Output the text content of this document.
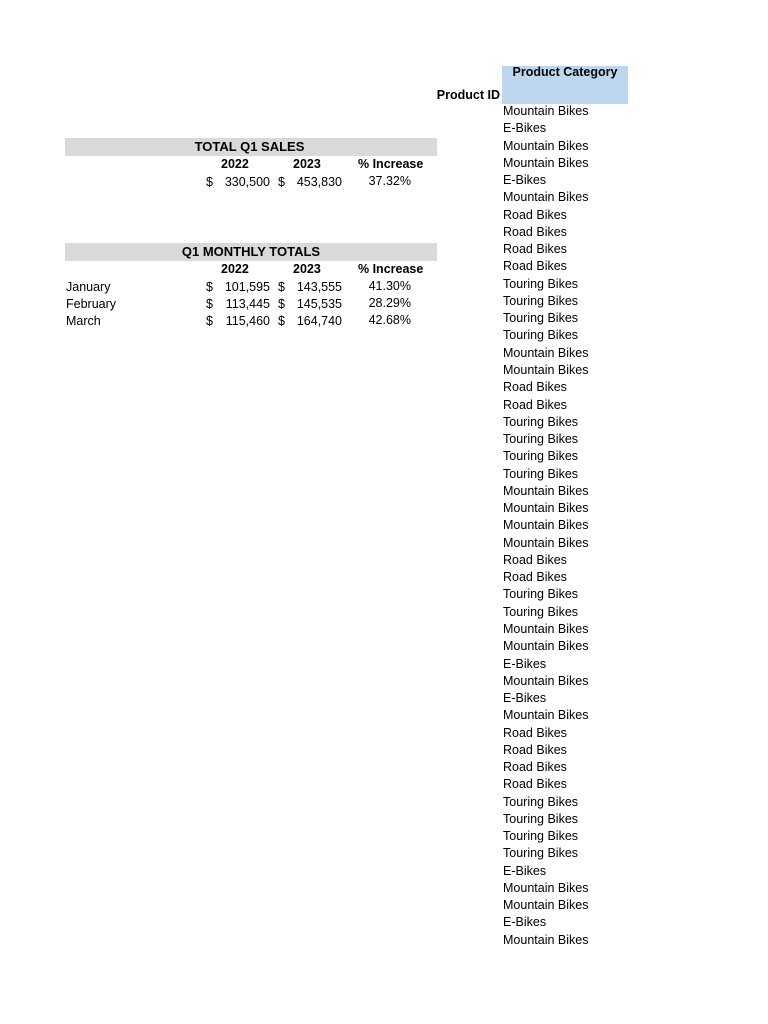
TOTAL Q1 SALES
2022	2023	% Increase
$ 330,500 $ 453,830	37.32%
Q1 MONTHLY TOTALS
2022	2023	% Increase
January	$ 101,595 $ 143,555	41.30%
February	$ 113,445 $ 145,535	28.29%
March	$ 115,460 $ 164,740	42.68%
Product Category
Product ID
Mountain Bikes
E-Bikes
Mountain Bikes
Mountain Bikes
E-Bikes
Mountain Bikes
Road Bikes
Road Bikes
Road Bikes
Road Bikes
Touring Bikes
Touring Bikes
Touring Bikes
Touring Bikes
Mountain Bikes
Mountain Bikes
Road Bikes
Road Bikes
Touring Bikes
Touring Bikes
Touring Bikes
Touring Bikes
Mountain Bikes
Mountain Bikes
Mountain Bikes
Mountain Bikes
Road Bikes
Road Bikes
Touring Bikes
Touring Bikes
Mountain Bikes
Mountain Bikes
E-Bikes
Mountain Bikes
E-Bikes
Mountain Bikes
Road Bikes
Road Bikes
Road Bikes
Road Bikes
Touring Bikes
Touring Bikes
Touring Bikes
Touring Bikes
E-Bikes
Mountain Bikes
Mountain Bikes
E-Bikes
Mountain Bikes
